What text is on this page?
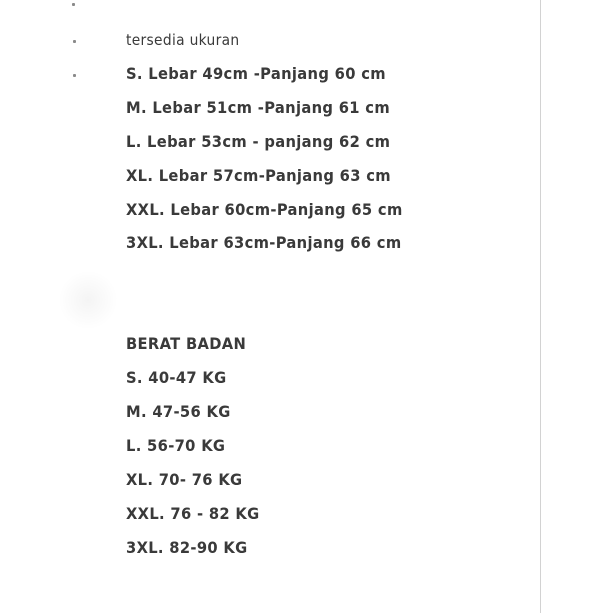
tersedia ukuran
S. Lebar 49cm -Panjang 60 cm
M. Lebar 51cm -Panjang 61 cm
L. Lebar 53cm - panjang 62 cm
XL. Lebar 57cm-Panjang 63 cm
XXL. Lebar 60cm-Panjang 65 cm
3XL. Lebar 63cm-Panjang 66 cm
BERAT BADAN
S. 40-47 KG
M. 47-56 KG
L. 56-70 KG
XL. 70- 76 KG
XXL. 76 - 82 KG
3XL. 82-90 KG
